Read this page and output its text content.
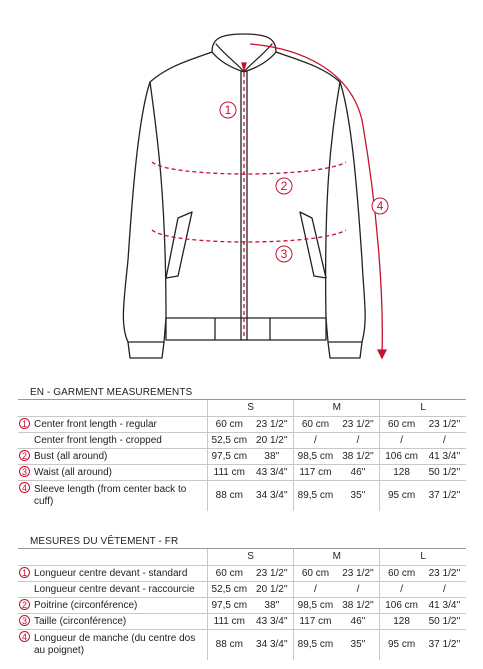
1
2
3
4
EN - GARMENT MEASUREMENTS
		S		M		L	
1	Center front length - regular	60 cm	23 1/2''	60 cm	23 1/2''	60 cm	23 1/2''
	Center front length - cropped	52,5 cm	20 1/2''	/	/	/	/
2	Bust (all around)	97,5 cm	38''	98,5 cm	38 1/2''	106 cm	41 3/4''
3	Waist (all around)	111 cm	43 3/4''	117 cm	46''	128	50 1/2''
4	Sleeve length (from center back to cuff)	88 cm	34 3/4''	89,5 cm	35''	95 cm	37 1/2''
MESURES DU VÊTEMENT - FR
		S		M		L	
1	Longueur centre devant - standard	60 cm	23 1/2''	60 cm	23 1/2''	60 cm	23 1/2''
	Longueur centre devant - raccourcie	52,5 cm	20 1/2''	/	/	/	/
2	Poitrine (circonférence)	97,5 cm	38''	98,5 cm	38 1/2''	106 cm	41 3/4''
3	Taille (circonférence)	111 cm	43 3/4''	117 cm	46''	128	50 1/2''
4	Longueur de manche (du centre dos au poignet)	88 cm	34 3/4''	89,5 cm	35''	95 cm	37 1/2''
